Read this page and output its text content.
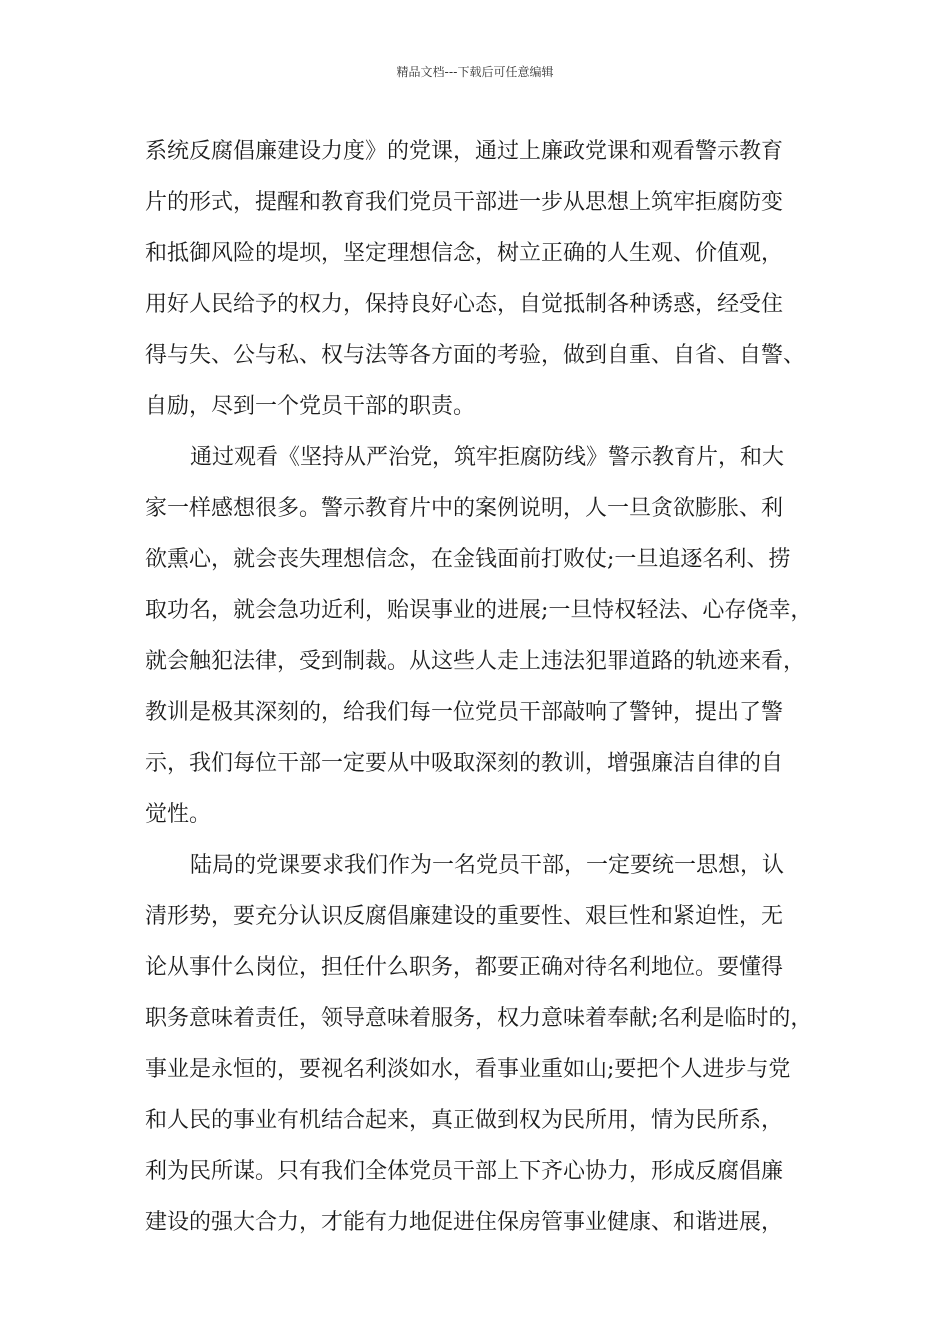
精品文档---下载后可任意编辑
系统反腐倡廉建设力度》的党课，通过上廉政党课和观看警示教育
片的形式，提醒和教育我们党员干部进一步从思想上筑牢拒腐防变
和抵御风险的堤坝，坚定理想信念，树立正确的人生观、价值观，
用好人民给予的权力，保持良好心态，自觉抵制各种诱惑，经受住
得与失、公与私、权与法等各方面的考验，做到自重、自省、自警、
自励，尽到一个党员干部的职责。
通过观看《坚持从严治党，筑牢拒腐防线》警示教育片，和大
家一样感想很多。警示教育片中的案例说明，人一旦贪欲膨胀、利
欲熏心，就会丧失理想信念，在金钱面前打败仗;一旦追逐名利、捞
取功名，就会急功近利，贻误事业的进展;一旦恃权轻法、心存侥幸，
就会触犯法律，受到制裁。从这些人走上违法犯罪道路的轨迹来看，
教训是极其深刻的，给我们每一位党员干部敲响了警钟，提出了警
示，我们每位干部一定要从中吸取深刻的教训，增强廉洁自律的自
觉性。
陆局的党课要求我们作为一名党员干部，一定要统一思想，认
清形势，要充分认识反腐倡廉建设的重要性、艰巨性和紧迫性，无
论从事什么岗位，担任什么职务，都要正确对待名利地位。要懂得
职务意味着责任，领导意味着服务，权力意味着奉献;名利是临时的，
事业是永恒的，要视名利淡如水，看事业重如山;要把个人进步与党
和人民的事业有机结合起来，真正做到权为民所用，情为民所系，
利为民所谋。只有我们全体党员干部上下齐心协力，形成反腐倡廉
建设的强大合力，才能有力地促进住保房管事业健康、和谐进展，
